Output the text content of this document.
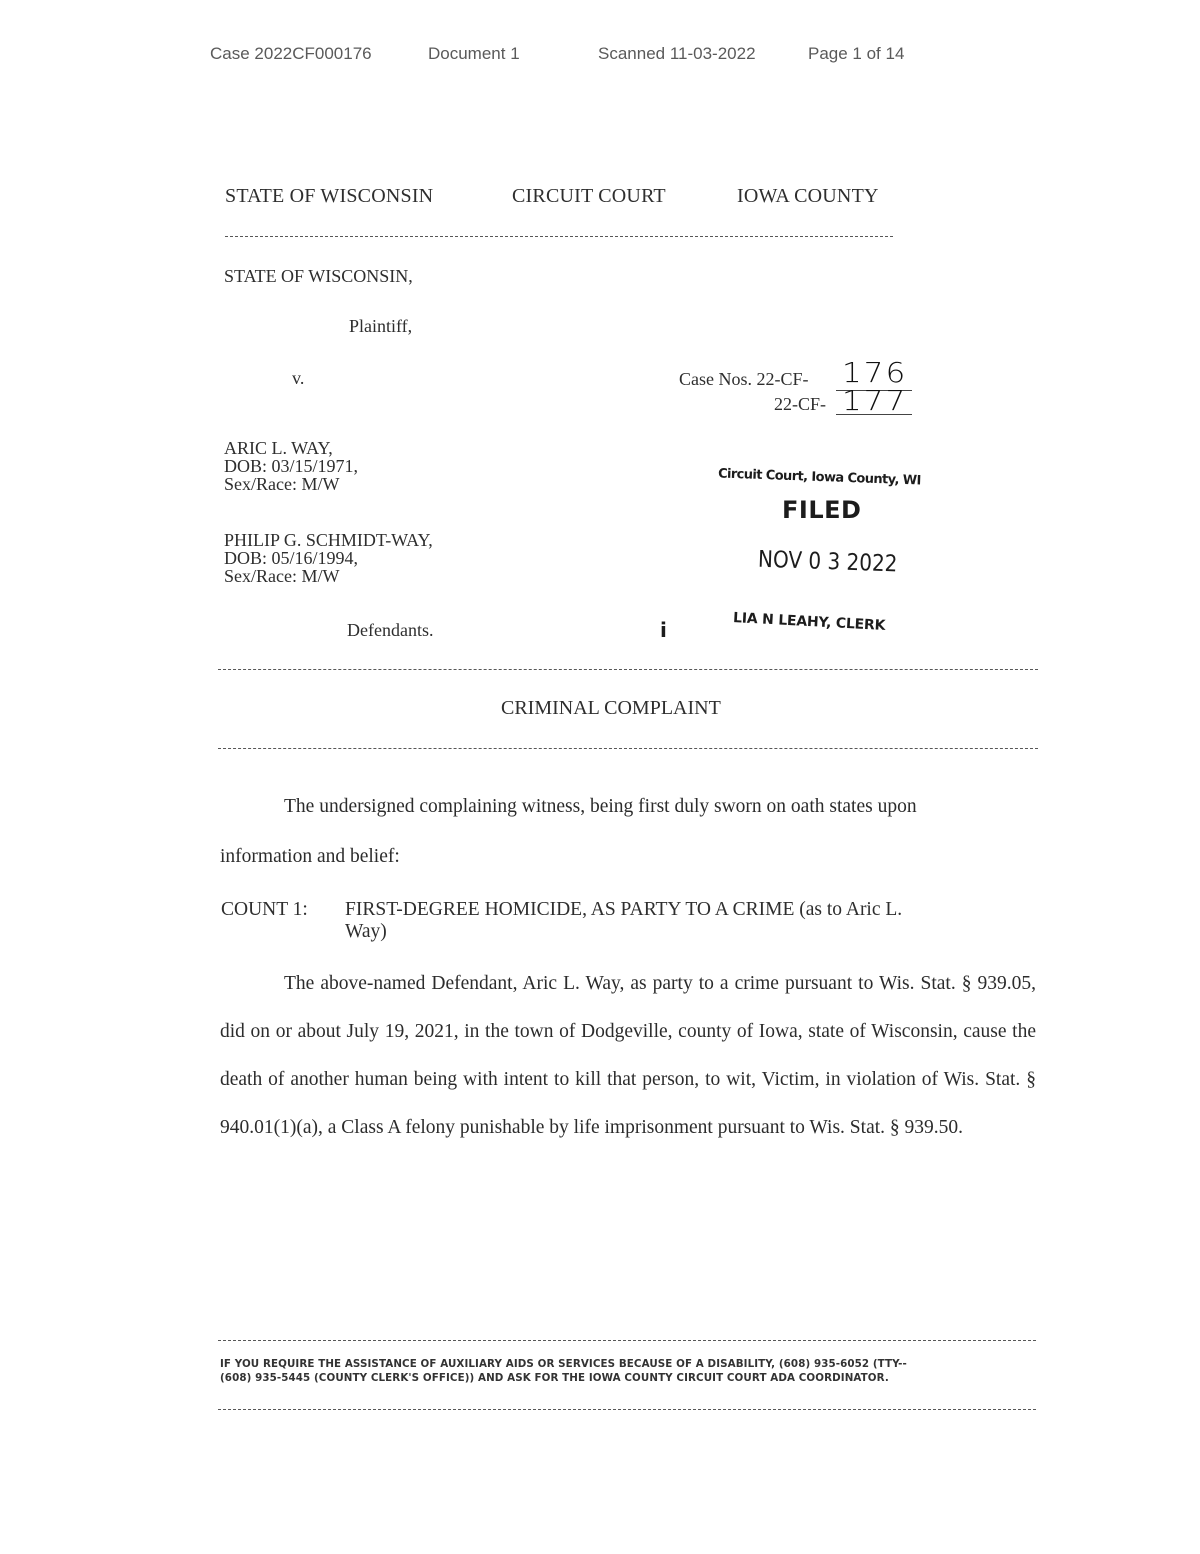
Case 2022CF000176	Document 1	Scanned 11-03-2022	Page 1 of 14
STATE OF WISCONSIN	CIRCUIT COURT	IOWA COUNTY
STATE OF WISCONSIN,
Plaintiff,
v.	Case Nos. 22-CF- 176
22-CF- 177
ARIC L. WAY,
DOB: 03/15/1971,
Sex/Race: M/W
PHILIP G. SCHMIDT-WAY,
DOB: 05/16/1994,
Sex/Race: M/W
Defendants.
Circuit Court, Iowa County, WI
FILED
NOV 0 3 2022
LIA N LEAHY, CLERK
i
CRIMINAL COMPLAINT
The undersigned complaining witness, being first duly sworn on oath states upon
information and belief:
COUNT 1: FIRST-DEGREE HOMICIDE, AS PARTY TO A CRIME (as to Aric L.
Way)
The above-named Defendant, Aric L. Way, as party to a crime pursuant to Wis. Stat. § 939.05, did on or about July 19, 2021, in the town of Dodgeville, county of Iowa, state of Wisconsin, cause the death of another human being with intent to kill that person, to wit, Victim, in violation of Wis. Stat. § 940.01(1)(a), a Class A felony punishable by life imprisonment pursuant to Wis. Stat. § 939.50.
IF YOU REQUIRE THE ASSISTANCE OF AUXILIARY AIDS OR SERVICES BECAUSE OF A DISABILITY, (608) 935-6052 (TTY--
(608) 935-5445 (COUNTY CLERK'S OFFICE)) AND ASK FOR THE IOWA COUNTY CIRCUIT COURT ADA COORDINATOR.
